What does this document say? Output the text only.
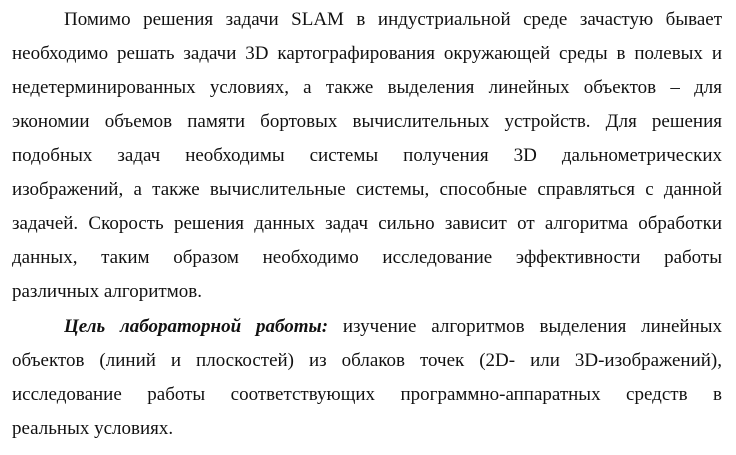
Помимо решения задачи SLAM в индустриальной среде зачастую бывает
необходимо решать задачи 3D картографирования окружающей среды в полевых и
недетерминированных условиях, а также выделения линейных объектов – для
экономии объемов памяти бортовых вычислительных устройств. Для решения
подобных задач необходимы системы получения 3D дальнометрических
изображений, а также вычислительные системы, способные справляться с данной
задачей. Скорость решения данных задач сильно зависит от алгоритма обработки
данных, таким образом необходимо исследование эффективности работы
различных алгоритмов.
Цель лабораторной работы: изучение алгоритмов выделения линейных
объектов (линий и плоскостей) из облаков точек (2D- или 3D-изображений),
исследование работы соответствующих программно-аппаратных средств в
реальных условиях.
